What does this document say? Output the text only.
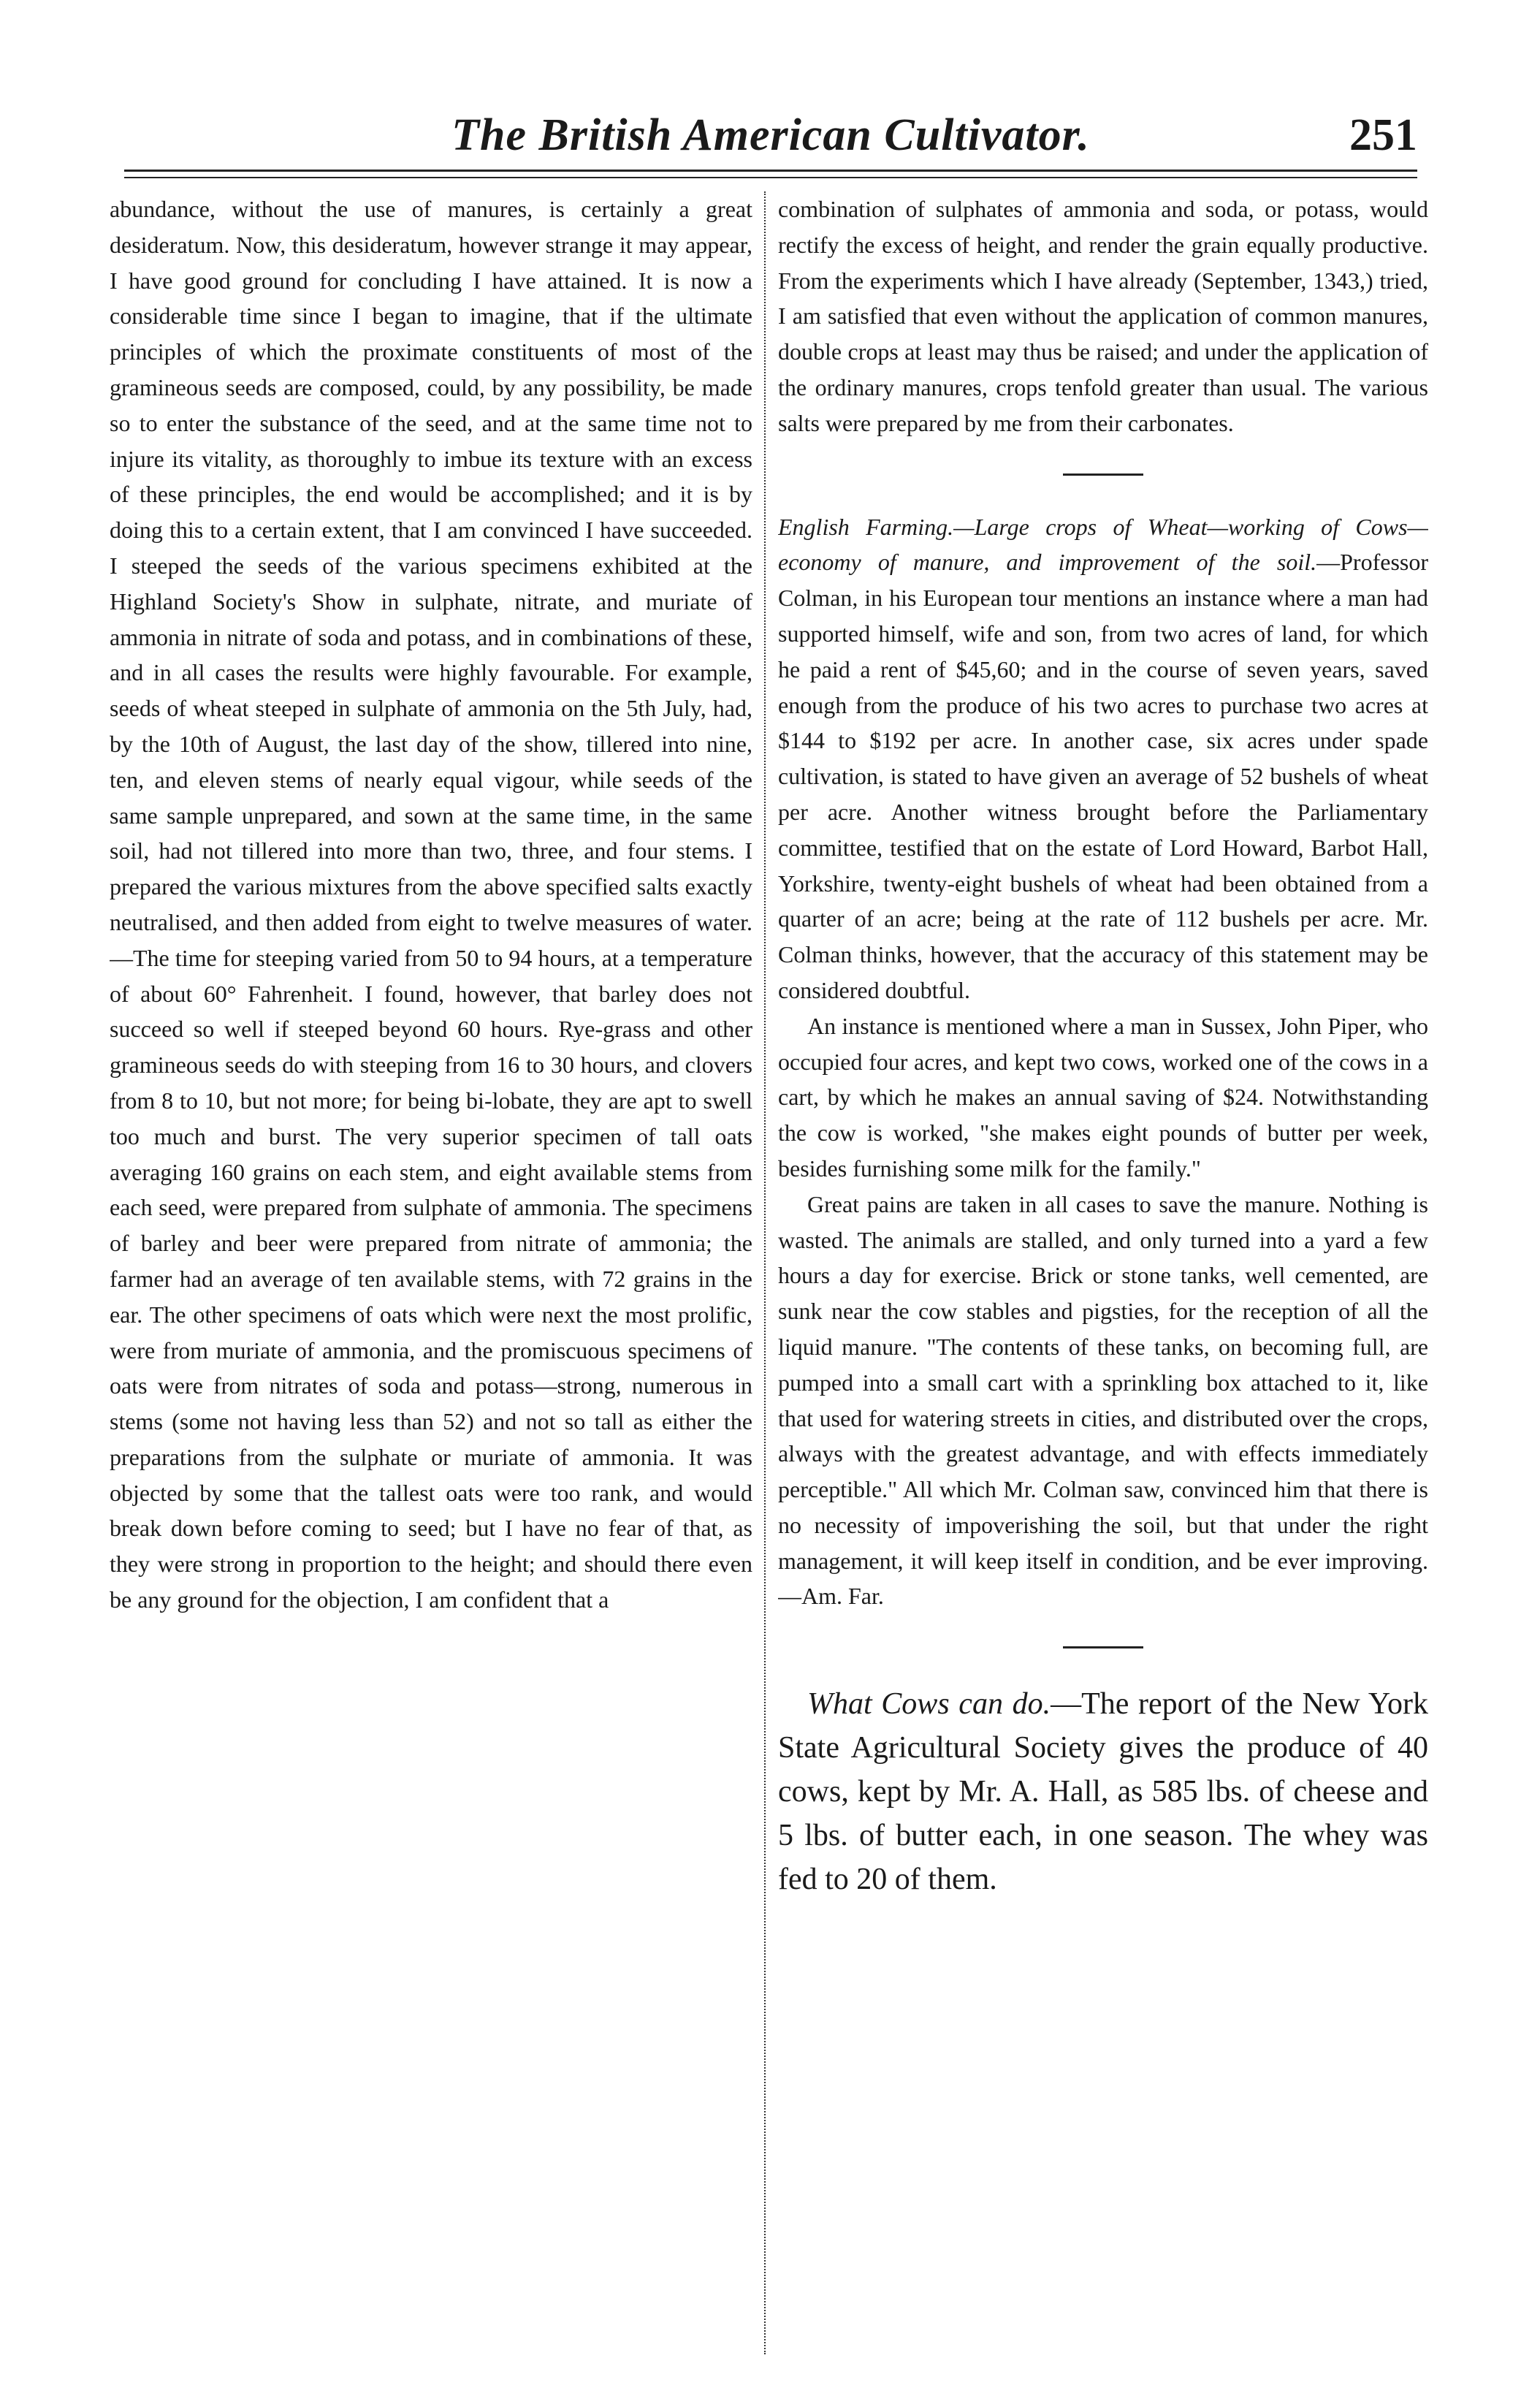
The British American Cultivator.	251

abundance, without the use of manures, is certainly a great desideratum. Now, this desideratum, however strange it may appear, I have good ground for concluding I have attained. It is now a considerable time since I began to imagine, that if the ultimate principles of which the proximate constituents of most of the gramineous seeds are composed, could, by any possibility, be made so to enter the substance of the seed, and at the same time not to injure its vitality, as thoroughly to imbue its texture with an excess of these principles, the end would be accomplished; and it is by doing this to a certain extent, that I am convinced I have succeeded. I steeped the seeds of the various specimens exhibited at the Highland Society's Show in sulphate, nitrate, and muriate of ammonia in nitrate of soda and potass, and in combinations of these, and in all cases the results were highly favourable. For example, seeds of wheat steeped in sulphate of ammonia on the 5th July, had, by the 10th of August, the last day of the show, tillered into nine, ten, and eleven stems of nearly equal vigour, while seeds of the same sample unprepared, and sown at the same time, in the same soil, had not tillered into more than two, three, and four stems. I prepared the various mixtures from the above specified salts exactly neutralised, and then added from eight to twelve measures of water.—The time for steeping varied from 50 to 94 hours, at a temperature of about 60° Fahrenheit. I found, however, that barley does not succeed so well if steeped beyond 60 hours. Rye-grass and other gramineous seeds do with steeping from 16 to 30 hours, and clovers from 8 to 10, but not more; for being bi-lobate, they are apt to swell too much and burst. The very superior specimen of tall oats averaging 160 grains on each stem, and eight available stems from each seed, were prepared from sulphate of ammonia. The specimens of barley and beer were prepared from nitrate of ammonia; the farmer had an average of ten available stems, with 72 grains in the ear. The other specimens of oats which were next the most prolific, were from muriate of ammonia, and the promiscuous specimens of oats were from nitrates of soda and potass—strong, numerous in stems (some not having less than 52) and not so tall as either the preparations from the sulphate or muriate of ammonia. It was objected by some that the tallest oats were too rank, and would break down before coming to seed; but I have no fear of that, as they were strong in proportion to the height; and should there even be any ground for the objection, I am confident that a

combination of sulphates of ammonia and soda, or potass, would rectify the excess of height, and render the grain equally productive. From the experiments which I have already (September, 1343,) tried, I am satisfied that even without the application of common manures, double crops at least may thus be raised; and under the application of the ordinary manures, crops tenfold greater than usual. The various salts were prepared by me from their carbonates.

English Farming.—Large crops of Wheat—working of Cows—economy of manure, and improvement of the soil.—Professor Colman, in his European tour mentions an instance where a man had supported himself, wife and son, from two acres of land, for which he paid a rent of $45,60; and in the course of seven years, saved enough from the produce of his two acres to purchase two acres at $144 to $192 per acre. In another case, six acres under spade cultivation, is stated to have given an average of 52 bushels of wheat per acre. Another witness brought before the Parliamentary committee, testified that on the estate of Lord Howard, Barbot Hall, Yorkshire, twenty-eight bushels of wheat had been obtained from a quarter of an acre; being at the rate of 112 bushels per acre. Mr. Colman thinks, however, that the accuracy of this statement may be considered doubtful.

An instance is mentioned where a man in Sussex, John Piper, who occupied four acres, and kept two cows, worked one of the cows in a cart, by which he makes an annual saving of $24. Notwithstanding the cow is worked, "she makes eight pounds of butter per week, besides furnishing some milk for the family."

Great pains are taken in all cases to save the manure. Nothing is wasted. The animals are stalled, and only turned into a yard a few hours a day for exercise. Brick or stone tanks, well cemented, are sunk near the cow stables and pigsties, for the reception of all the liquid manure. "The contents of these tanks, on becoming full, are pumped into a small cart with a sprinkling box attached to it, like that used for watering streets in cities, and distributed over the crops, always with the greatest advantage, and with effects immediately perceptible." All which Mr. Colman saw, convinced him that there is no necessity of impoverishing the soil, but that under the right management, it will keep itself in condition, and be ever improving.—Am. Far.

What Cows can do.—The report of the New York State Agricultural Society gives the produce of 40 cows, kept by Mr. A. Hall, as 585 lbs. of cheese and 5 lbs. of butter each, in one season. The whey was fed to 20 of them.
